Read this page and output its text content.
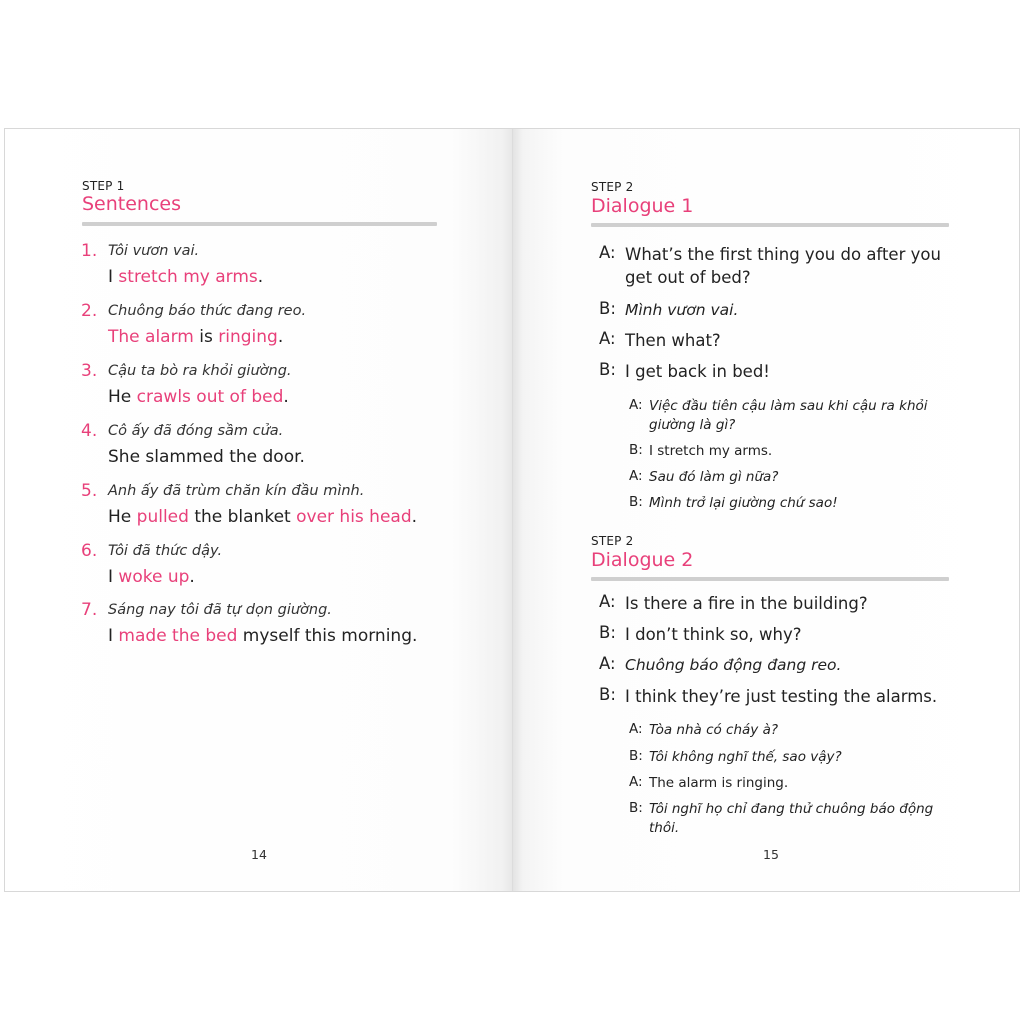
STEP 1
Sentences
1. Tôi vươn vai.
I stretch my arms.
2. Chuông báo thức đang reo.
The alarm is ringing.
3. Cậu ta bò ra khỏi giường.
He crawls out of bed.
4. Cô ấy đã đóng sầm cửa.
She slammed the door.
5. Anh ấy đã trùm chăn kín đầu mình.
He pulled the blanket over his head.
6. Tôi đã thức dậy.
I woke up.
7. Sáng nay tôi đã tự dọn giường.
I made the bed myself this morning.
14
STEP 2
Dialogue 1
A: What’s the first thing you do after you get out of bed?
B: Mình vươn vai.
A: Then what?
B: I get back in bed!
A: Việc đầu tiên cậu làm sau khi cậu ra khỏi giường là gì?
B: I stretch my arms.
A: Sau đó làm gì nữa?
B: Mình trở lại giường chứ sao!
STEP 2
Dialogue 2
A: Is there a fire in the building?
B: I don’t think so, why?
A: Chuông báo động đang reo.
B: I think they’re just testing the alarms.
A: Tòa nhà có cháy à?
B: Tôi không nghĩ thế, sao vậy?
A: The alarm is ringing.
B: Tôi nghĩ họ chỉ đang thử chuông báo động thôi.
15
